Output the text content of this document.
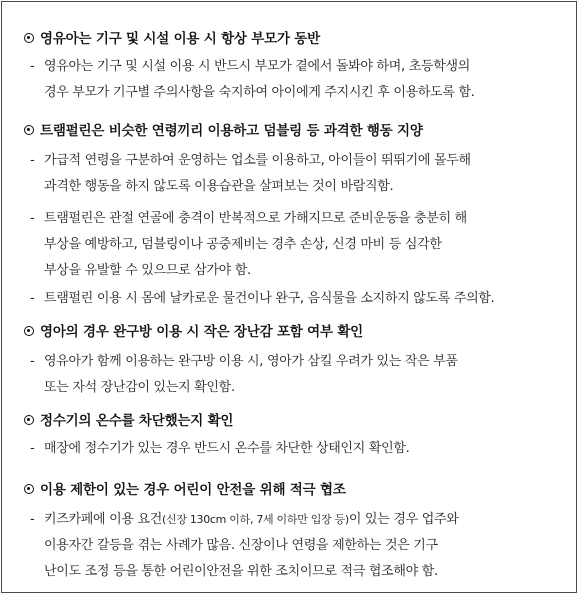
영유아는 기구 및 시설 이용 시 항상 부모가 동반
- 영유아는 기구 및 시설 이용 시 반드시 부모가 곁에서 돌봐야 하며, 초등학생의
경우 부모가 기구별 주의사항을 숙지하여 아이에게 주지시킨 후 이용하도록 함.
트램펄린은 비슷한 연령끼리 이용하고 덤블링 등 과격한 행동 지양
- 가급적 연령을 구분하여 운영하는 업소를 이용하고, 아이들이 뛰뛰기에 몰두해
과격한 행동을 하지 않도록 이용습관을 살펴보는 것이 바람직함.
- 트램펄린은 관절 연골에 충격이 반복적으로 가해지므로 준비운동을 충분히 해
부상을 예방하고, 덤블링이나 공중제비는 경추 손상, 신경 마비 등 심각한
부상을 유발할 수 있으므로 삼가야 함.
- 트램펄린 이용 시 몸에 날카로운 물건이나 완구, 음식물을 소지하지 않도록 주의함.
영아의 경우 완구방 이용 시 작은 장난감 포함 여부 확인
- 영유아가 함께 이용하는 완구방 이용 시, 영아가 삼킬 우려가 있는 작은 부품
또는 자석 장난감이 있는지 확인함.
정수기의 온수를 차단했는지 확인
- 매장에 정수기가 있는 경우 반드시 온수를 차단한 상태인지 확인함.
이용 제한이 있는 경우 어린이 안전을 위해 적극 협조
- 키즈카페에 이용 요건(신장 130cm 이하, 7세 이하만 입장 등)이 있는 경우 업주와
이용자간 갈등을 겪는 사례가 많음. 신장이나 연령을 제한하는 것은 기구
난이도 조정 등을 통한 어린이안전을 위한 조치이므로 적극 협조해야 함.
